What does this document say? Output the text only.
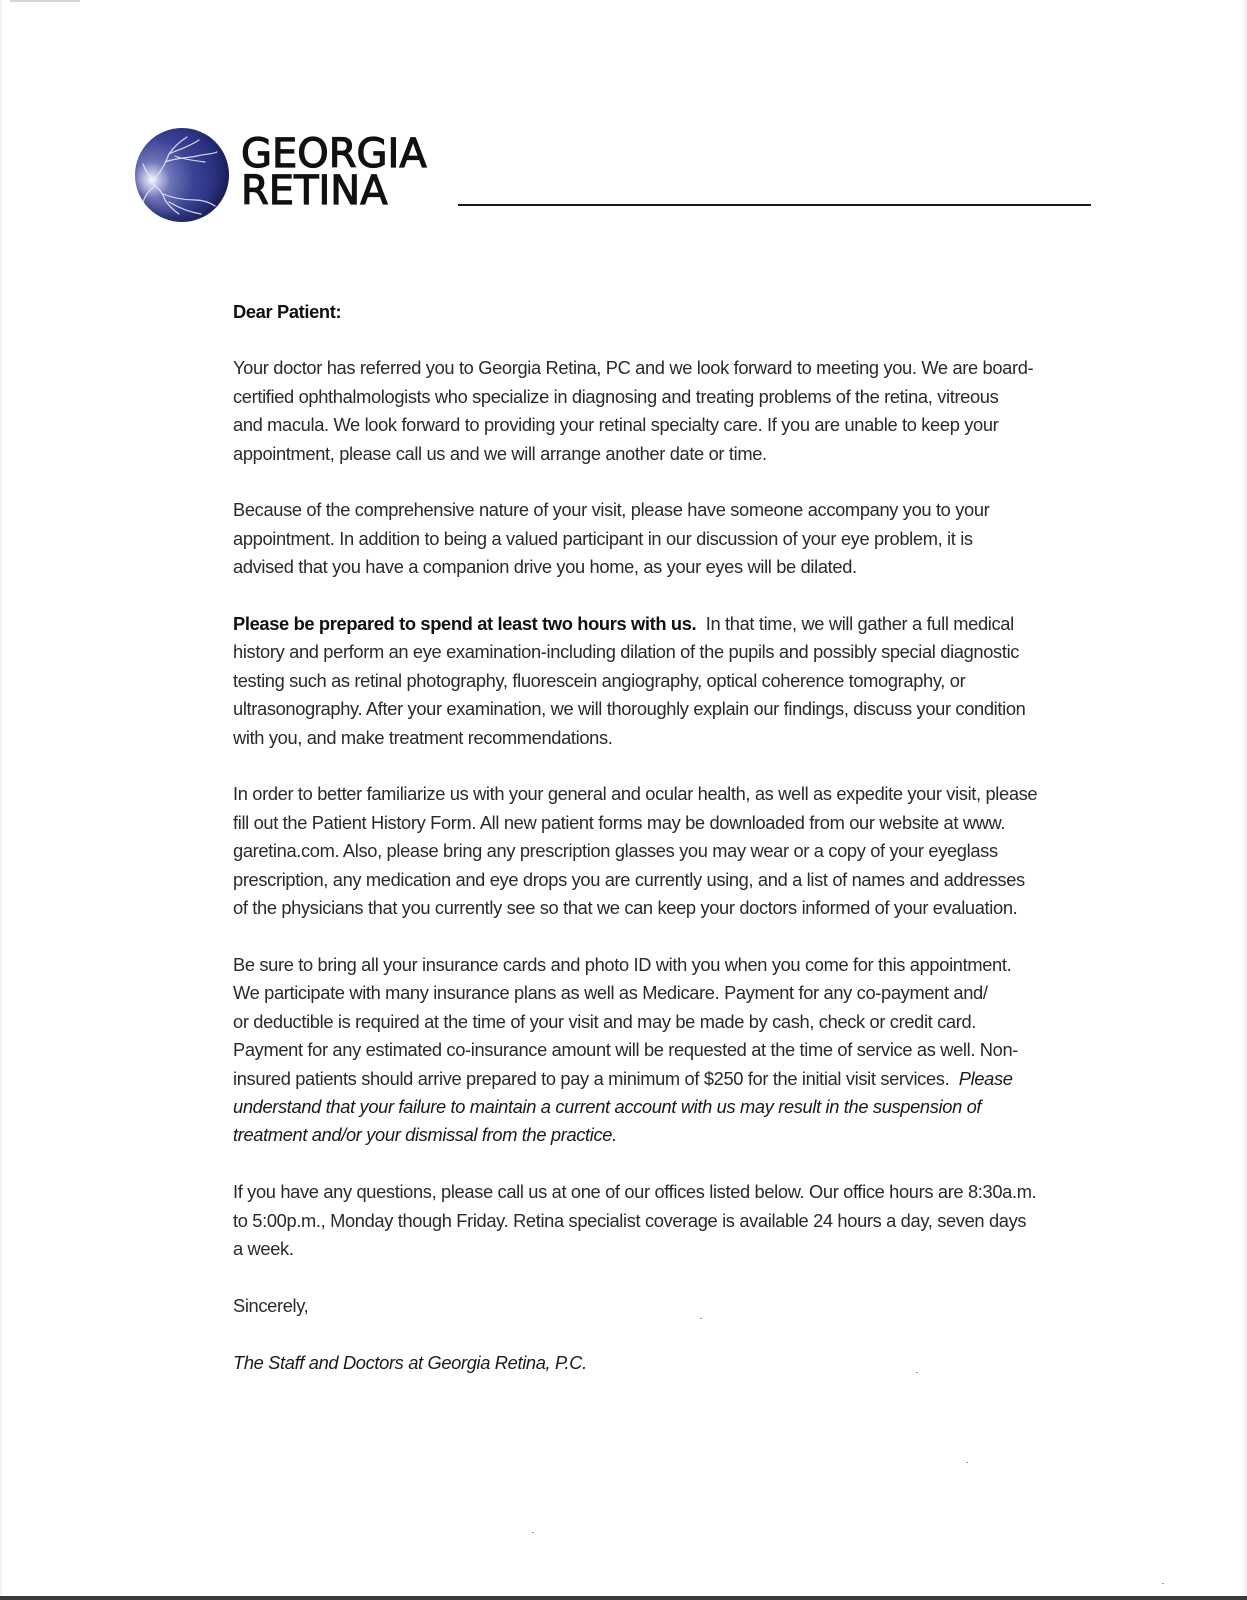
GEORGIA
RETINA
Dear Patient:
Your doctor has referred you to Georgia Retina, PC and we look forward to meeting you. We are board-
certified ophthalmologists who specialize in diagnosing and treating problems of the retina, vitreous
and macula. We look forward to providing your retinal specialty care. If you are unable to keep your
appointment, please call us and we will arrange another date or time.
Because of the comprehensive nature of your visit, please have someone accompany you to your
appointment. In addition to being a valued participant in our discussion of your eye problem, it is
advised that you have a companion drive you home, as your eyes will be dilated.
Please be prepared to spend at least two hours with us.  In that time, we will gather a full medical
history and perform an eye examination-including dilation of the pupils and possibly special diagnostic
testing such as retinal photography, fluorescein angiography, optical coherence tomography, or
ultrasonography. After your examination, we will thoroughly explain our findings, discuss your condition
with you, and make treatment recommendations.
In order to better familiarize us with your general and ocular health, as well as expedite your visit, please
fill out the Patient History Form. All new patient forms may be downloaded from our website at www.
garetina.com. Also, please bring any prescription glasses you may wear or a copy of your eyeglass
prescription, any medication and eye drops you are currently using, and a list of names and addresses
of the physicians that you currently see so that we can keep your doctors informed of your evaluation.
Be sure to bring all your insurance cards and photo ID with you when you come for this appointment.
We participate with many insurance plans as well as Medicare. Payment for any co-payment and/
or deductible is required at the time of your visit and may be made by cash, check or credit card.
Payment for any estimated co-insurance amount will be requested at the time of service as well. Non-
insured patients should arrive prepared to pay a minimum of $250 for the initial visit services.  Please
understand that your failure to maintain a current account with us may result in the suspension of
treatment and/or your dismissal from the practice.
If you have any questions, please call us at one of our offices listed below. Our office hours are 8:30a.m.
to 5:00p.m., Monday though Friday. Retina specialist coverage is available 24 hours a day, seven days
a week.
Sincerely,
The Staff and Doctors at Georgia Retina, P.C.
